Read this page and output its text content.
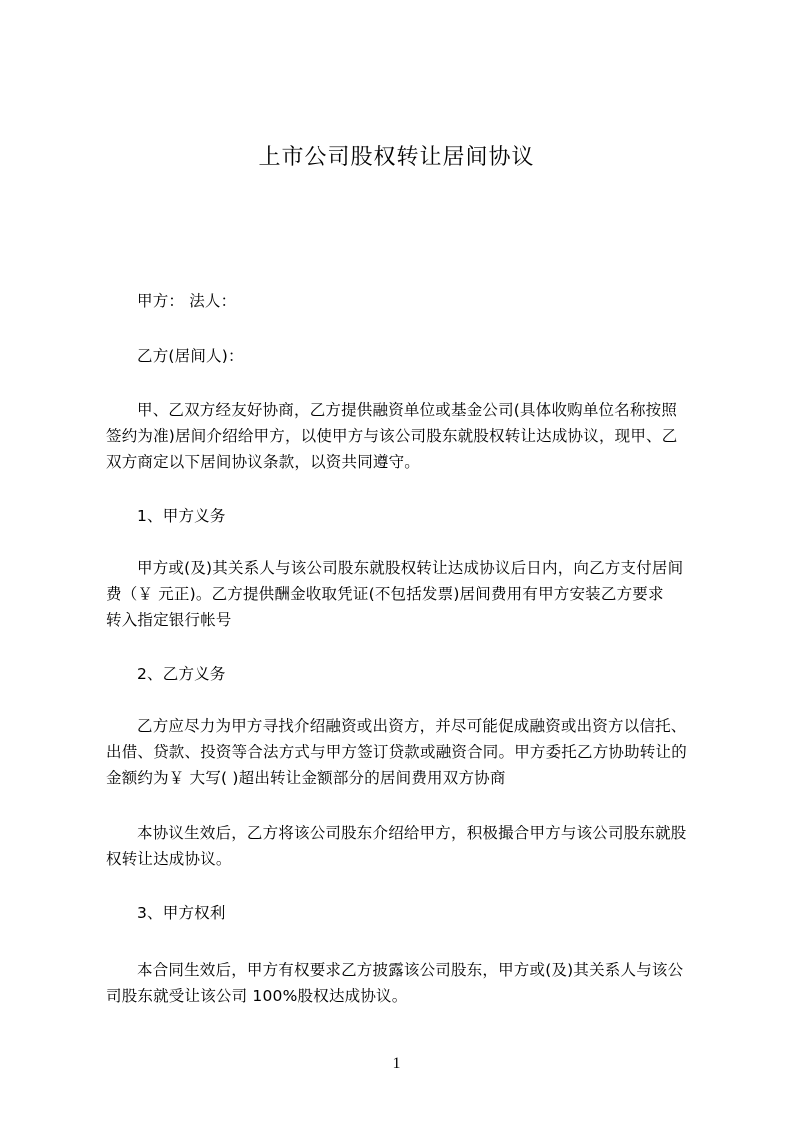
上市公司股权转让居间协议
甲方： 法人：
乙方(居间人)：

甲、乙双方经友好协商，乙方提供融资单位或基金公司(具体收购单位名称按照

签约为准)居间介绍给甲方，以使甲方与该公司股东就股权转让达成协议，现甲、乙

双方商定以下居间协议条款，以资共同遵守。

1、甲方义务

甲方或(及)其关系人与该公司股东就股权转让达成协议后日内，向乙方支付居间

费（￥ 元正)。乙方提供酬金收取凭证(不包括发票)居间费用有甲方安装乙方要求

转入指定银行帐号

2、乙方义务

乙方应尽力为甲方寻找介绍融资或出资方，并尽可能促成融资或出资方以信托、

出借、贷款、投资等合法方式与甲方签订贷款或融资合同。甲方委托乙方协助转让的

金额约为￥ 大写( )超出转让金额部分的居间费用双方协商

本协议生效后，乙方将该公司股东介绍给甲方，积极撮合甲方与该公司股东就股

权转让达成协议。

3、甲方权利

本合同生效后，甲方有权要求乙方披露该公司股东，甲方或(及)其关系人与该公

司股东就受让该公司 100%股权达成协议。

1
